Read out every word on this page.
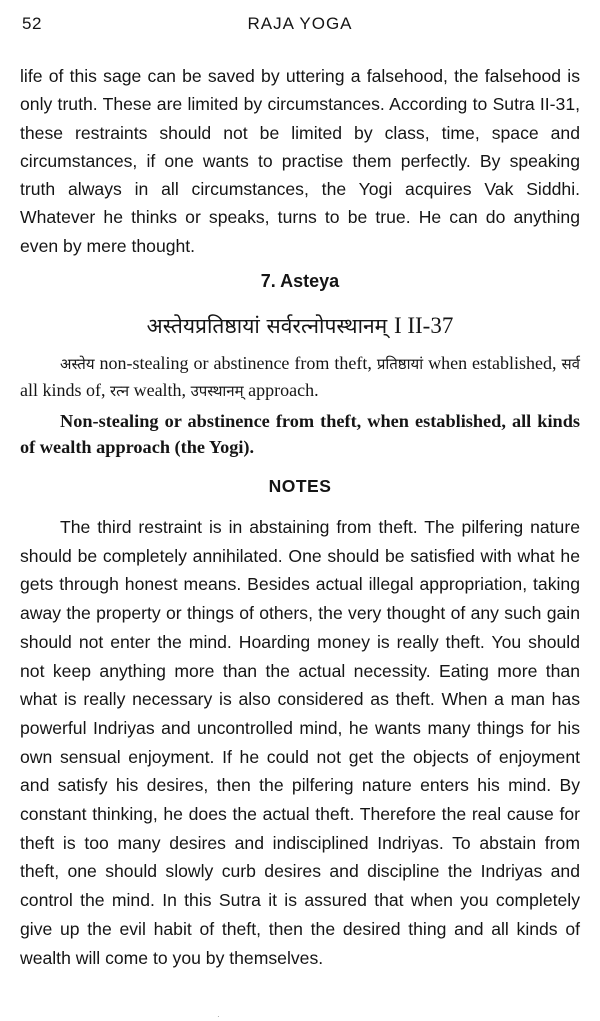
52	RAJA YOGA

life of this sage can be saved by uttering a falsehood, the falsehood is only truth. These are limited by circumstances. According to Sutra II-31, these restraints should not be limited by class, time, space and circumstances, if one wants to practise them perfectly. By speaking truth always in all circumstances, the Yogi acquires Vak Siddhi. Whatever he thinks or speaks, turns to be true. He can do anything even by mere thought.

7. Asteya

अस्तेयप्रतिष्ठायां सर्वरत्नोपस्थानम् I II-37

अस्तेय non-stealing or abstinence from theft, प्रतिष्ठायां when established, सर्व all kinds of, रत्न wealth, उपस्थानम् approach.

Non-stealing or abstinence from theft, when established, all kinds of wealth approach (the Yogi).

NOTES

The third restraint is in abstaining from theft. The pilfering nature should be completely annihilated. One should be satisfied with what he gets through honest means. Besides actual illegal appropriation, taking away the property or things of others, the very thought of any such gain should not enter the mind. Hoarding money is really theft. You should not keep anything more than the actual necessity. Eating more than what is really necessary is also considered as theft. When a man has powerful Indriyas and uncontrolled mind, he wants many things for his own sensual enjoyment. If he could not get the objects of enjoyment and satisfy his desires, then the pilfering nature enters his mind. By constant thinking, he does the actual theft. Therefore the real cause for theft is too many desires and indisciplined Indriyas. To abstain from theft, one should slowly curb desires and discipline the Indriyas and control the mind. In this Sutra it is assured that when you completely give up the evil habit of theft, then the desired thing and all kinds of wealth will come to you by themselves.

·
